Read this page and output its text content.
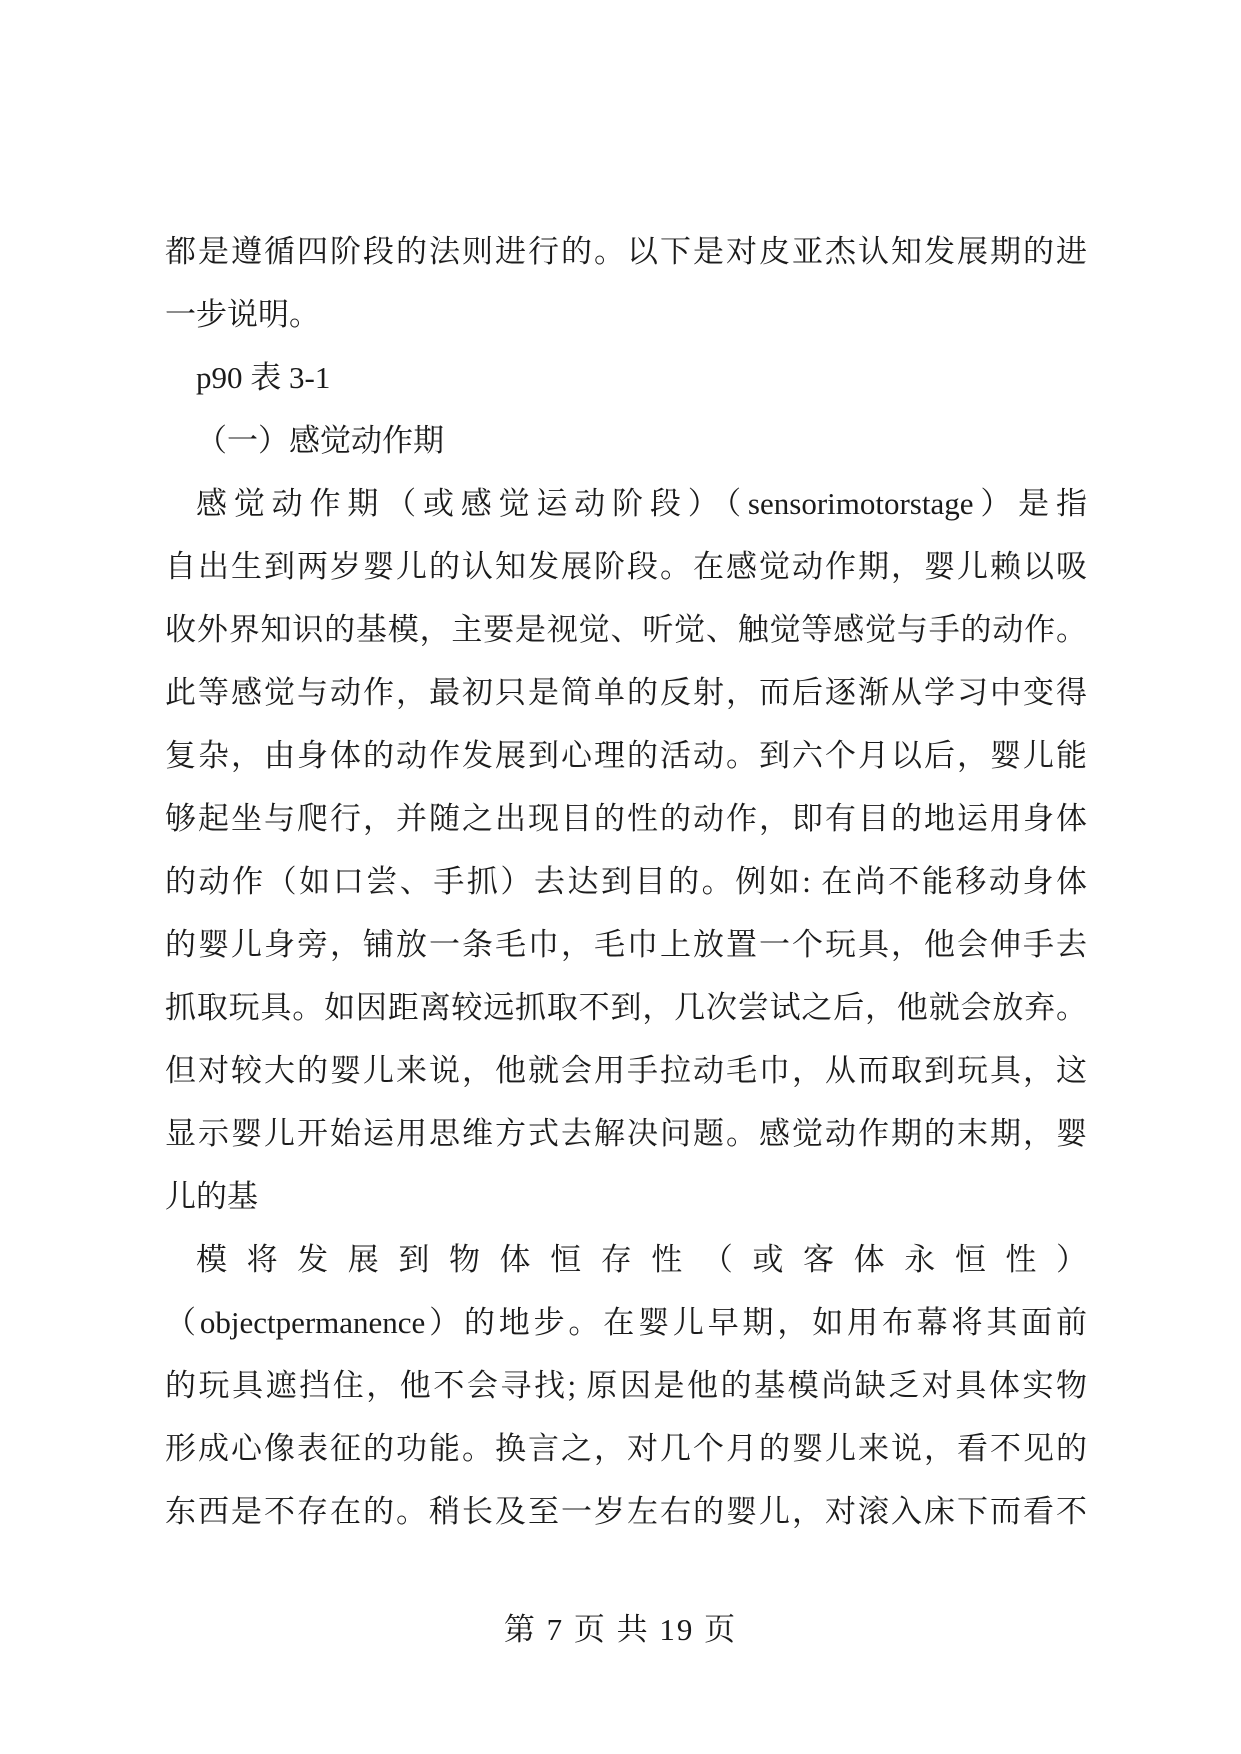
都是遵循四阶段的法则进行的。以下是对皮亚杰认知发展期的进
一步说明。
p90 表 3-1
（一）感觉动作期
感觉动作期（或感觉运动阶段）（sensorimotorstage）是指
自出生到两岁婴儿的认知发展阶段。在感觉动作期，婴儿赖以吸
收外界知识的基模，主要是视觉、听觉、触觉等感觉与手的动作。
此等感觉与动作，最初只是简单的反射，而后逐渐从学习中变得
复杂，由身体的动作发展到心理的活动。到六个月以后，婴儿能
够起坐与爬行，并随之出现目的性的动作，即有目的地运用身体
的动作（如口尝、手抓）去达到目的。例如: 在尚不能移动身体
的婴儿身旁，铺放一条毛巾，毛巾上放置一个玩具，他会伸手去
抓取玩具。如因距离较远抓取不到，几次尝试之后，他就会放弃。
但对较大的婴儿来说，他就会用手拉动毛巾，从而取到玩具，这
显示婴儿开始运用思维方式去解决问题。感觉动作期的末期，婴
儿的基
模将发展到物体恒存性（或客体永恒性）
（objectpermanence）的地步。在婴儿早期，如用布幕将其面前
的玩具遮挡住，他不会寻找; 原因是他的基模尚缺乏对具体实物
形成心像表征的功能。换言之，对几个月的婴儿来说，看不见的
东西是不存在的。稍长及至一岁左右的婴儿，对滚入床下而看不
第 7 页 共 19 页
